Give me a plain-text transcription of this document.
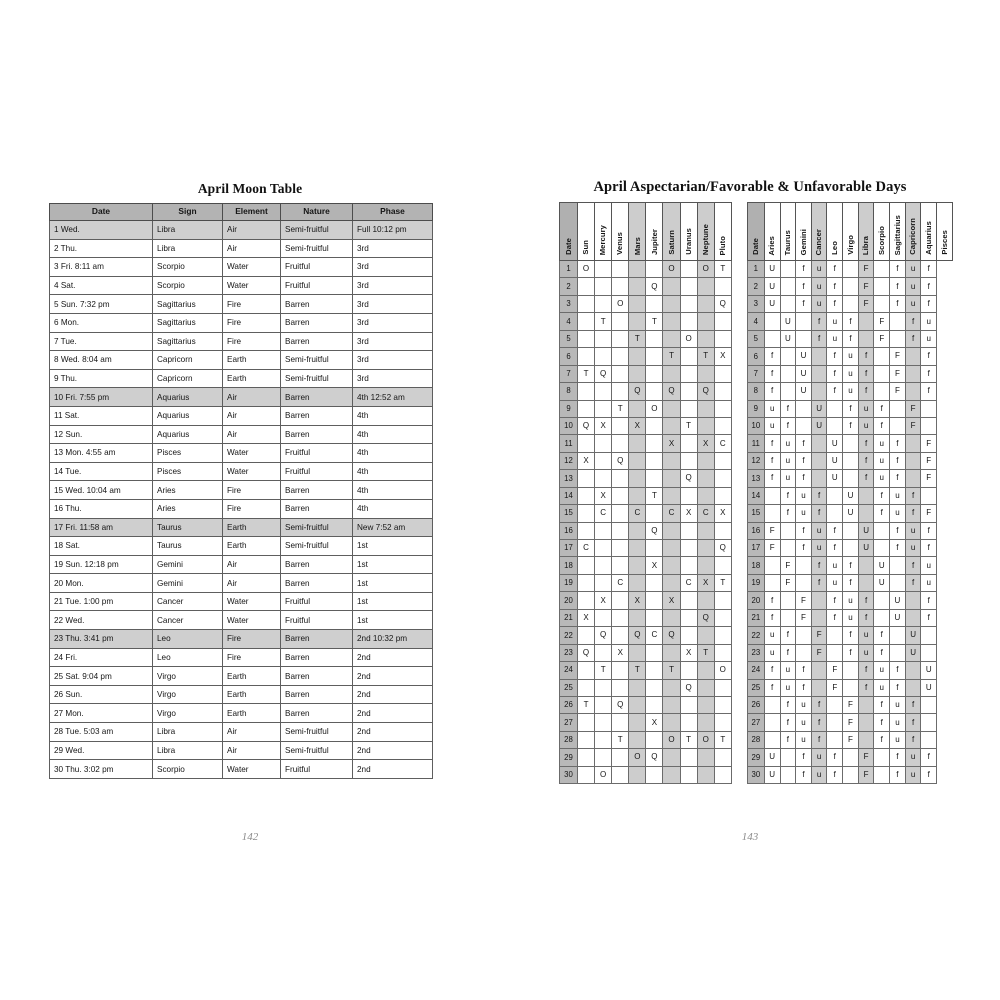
April Moon Table
Date	Sign	Element	Nature	Phase
1 Wed.	Libra	Air	Semi-fruitful	Full 10:12 pm
2 Thu.	Libra	Air	Semi-fruitful	3rd
3 Fri. 8:11 am	Scorpio	Water	Fruitful	3rd
4 Sat.	Scorpio	Water	Fruitful	3rd
5 Sun. 7:32 pm	Sagittarius	Fire	Barren	3rd
6 Mon.	Sagittarius	Fire	Barren	3rd
7 Tue.	Sagittarius	Fire	Barren	3rd
8 Wed. 8:04 am	Capricorn	Earth	Semi-fruitful	3rd
9 Thu.	Capricorn	Earth	Semi-fruitful	3rd
10 Fri. 7:55 pm	Aquarius	Air	Barren	4th 12:52 am
11 Sat.	Aquarius	Air	Barren	4th
12 Sun.	Aquarius	Air	Barren	4th
13 Mon. 4:55 am	Pisces	Water	Fruitful	4th
14 Tue.	Pisces	Water	Fruitful	4th
15 Wed. 10:04 am	Aries	Fire	Barren	4th
16 Thu.	Aries	Fire	Barren	4th
17 Fri. 11:58 am	Taurus	Earth	Semi-fruitful	New 7:52 am
18 Sat.	Taurus	Earth	Semi-fruitful	1st
19 Sun. 12:18 pm	Gemini	Air	Barren	1st
20 Mon.	Gemini	Air	Barren	1st
21 Tue. 1:00 pm	Cancer	Water	Fruitful	1st
22 Wed.	Cancer	Water	Fruitful	1st
23 Thu. 3:41 pm	Leo	Fire	Barren	2nd 10:32 pm
24 Fri.	Leo	Fire	Barren	2nd
25 Sat. 9:04 pm	Virgo	Earth	Barren	2nd
26 Sun.	Virgo	Earth	Barren	2nd
27 Mon.	Virgo	Earth	Barren	2nd
28 Tue. 5:03 am	Libra	Air	Semi-fruitful	2nd
29 Wed.	Libra	Air	Semi-fruitful	2nd
30 Thu. 3:02 pm	Scorpio	Water	Fruitful	2nd
142
April Aspectarian/Favorable & Unfavorable Days
Date	Sun	Mercury	Venus	Mars	Jupiter	Saturn	Uranus	Neptune	Pluto
1	O					O		O	T
2					Q				
3			O						Q
4		T			T				
5				T			O		
6						T		T	X
7	T	Q							
8				Q		Q		Q	
9			T		O				
10	Q	X		X			T		
11						X		X	C
12	X		Q						
13							Q		
14		X			T				
15		C		C		C	X	C	X
16					Q				
17	C								Q
18					X				
19			C				C	X	T
20		X		X		X			
21	X							Q	
22		Q		Q	C	Q			
23	Q		X				X	T	
24		T		T		T			O
25							Q		
26	T		Q						
27					X				
28			T			O	T	O	T
29				O	Q				
30		O							
Date	Aries	Taurus	Gemini	Cancer	Leo	Virgo	Libra	Scorpio	Sagittarius	Capricorn	Aquarius	Pisces
1	U		f	u	f		F		f	u	f	
2	U		f	u	f		F		f	u	f	
3	U		f	u	f		F		f	u	f	
4		U		f	u	f		F		f	u	
5		U		f	u	f		F		f	u	
6	f		U		f	u	f		F		f	
7	f		U		f	u	f		F		f	
8	f		U		f	u	f		F		f	
9	u	f		U		f	u	f		F		
10	u	f		U		f	u	f		F		
11	f	u	f		U		f	u	f		F	
12	f	u	f		U		f	u	f		F	
13	f	u	f		U		f	u	f		F	
14		f	u	f		U		f	u	f		
15		f	u	f		U		f	u	f	F	
16	F		f	u	f		U		f	u	f	
17	F		f	u	f		U		f	u	f	
18		F		f	u	f		U		f	u	
19		F		f	u	f		U		f	u	
20	f		F		f	u	f		U		f	
21	f		F		f	u	f		U		f	
22	u	f		F		f	u	f		U		
23	u	f		F		f	u	f		U		
24	f	u	f		F		f	u	f		U	
25	f	u	f		F		f	u	f		U	
26		f	u	f		F		f	u	f		
27		f	u	f		F		f	u	f		
28		f	u	f		F		f	u	f		
29	U		f	u	f		F		f	u	f	
30	U		f	u	f		F		f	u	f	
143
